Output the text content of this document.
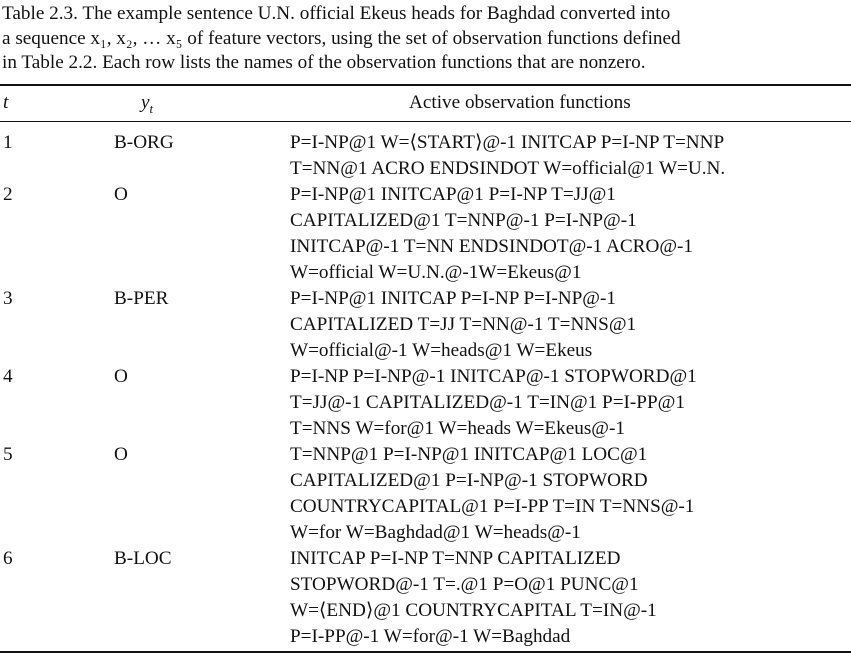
Table 2.3. The example sentence U.N. official Ekeus heads for Baghdad converted into
a sequence x₁, x₂, … x₅ of feature vectors, using the set of observation functions defined
in Table 2.2. Each row lists the names of the observation functions that are nonzero.
t	$y_t$	Active observation functions
1	B-ORG	P=I-NP@1 W=⟨START⟩@-1 INITCAP P=I-NP T=NNP
T=NN@1 ACRO ENDSINDOT W=official@1 W=U.N.
2	O	P=I-NP@1 INITCAP@1 P=I-NP T=JJ@1
CAPITALIZED@1 T=NNP@-1 P=I-NP@-1
INITCAP@-1 T=NN ENDSINDOT@-1 ACRO@-1
W=official W=U.N.@-1W=Ekeus@1
3	B-PER	P=I-NP@1 INITCAP P=I-NP P=I-NP@-1
CAPITALIZED T=JJ T=NN@-1 T=NNS@1
W=official@-1 W=heads@1 W=Ekeus
4	O	P=I-NP P=I-NP@-1 INITCAP@-1 STOPWORD@1
T=JJ@-1 CAPITALIZED@-1 T=IN@1 P=I-PP@1
T=NNS W=for@1 W=heads W=Ekeus@-1
5	O	T=NNP@1 P=I-NP@1 INITCAP@1 LOC@1
CAPITALIZED@1 P=I-NP@-1 STOPWORD
COUNTRYCAPITAL@1 P=I-PP T=IN T=NNS@-1
W=for W=Baghdad@1 W=heads@-1
6	B-LOC	INITCAP P=I-NP T=NNP CAPITALIZED
STOPWORD@-1 T=.@1 P=O@1 PUNC@1
W=⟨END⟩@1 COUNTRYCAPITAL T=IN@-1
P=I-PP@-1 W=for@-1 W=Baghdad
